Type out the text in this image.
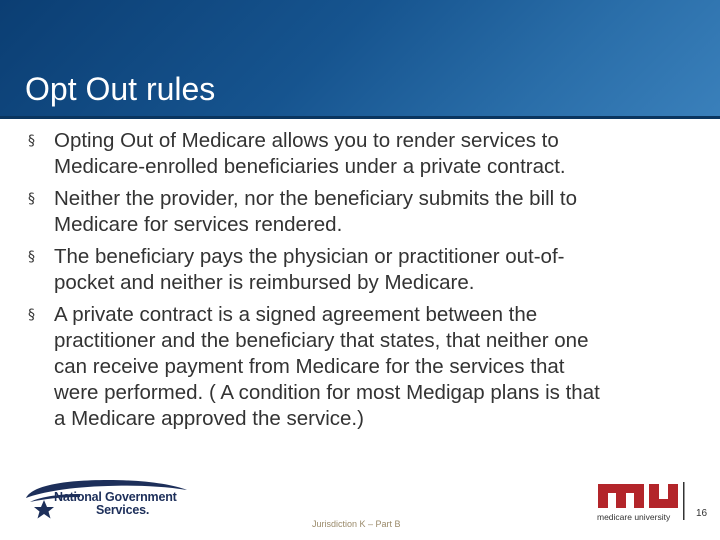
Opt Out rules
§ Opting Out of Medicare allows you to render services to
Medicare-enrolled beneficiaries under a private contract.
§ Neither the provider, nor the beneficiary submits the bill to
Medicare for services rendered.
§ The beneficiary pays the physician or practitioner out-of-
pocket and neither is reimbursed by Medicare.
§ A private contract is a signed agreement between the
practitioner and the beneficiary that states, that neither one
can receive payment from Medicare for the services that
were performed. ( A condition for most Medigap plans is that
a Medicare approved the service.)
National Government
Services.
Jurisdiction K – Part B
medicare university	16
